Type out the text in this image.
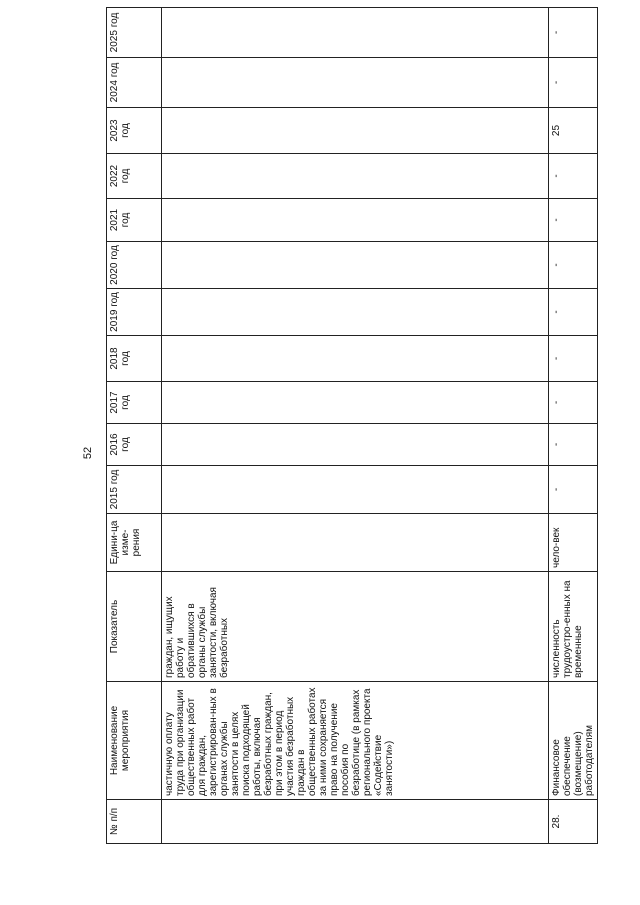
52
№ п/п	Наименование мероприятия	Показатель	Едини-ца изме-рения	2015 год	2016 год	2017 год	2018 год	2019 год	2020 год	2021 год	2022 год	2023 год	2024 год	2025 год
	частичную оплату труда при организации общественных работ для граждан, зарегистрирован-ных в органах службы занятости в целях поиска подходящей работы, включая безработных граждан, при этом в период участия безработных граждан в общественных работах за ними сохраняется право на получение пособия по безработице (в рамках регионального проекта «Содействие занятости»)	граждан, ищущих работу и обратившихся в органы службы занятости, включая безработных												
28.	Финансовое обеспечение (возмещение) работодателям	численность трудоустро-енных на временные	чело-век	-	-	-	-	-	-	-	-	25	-	-
